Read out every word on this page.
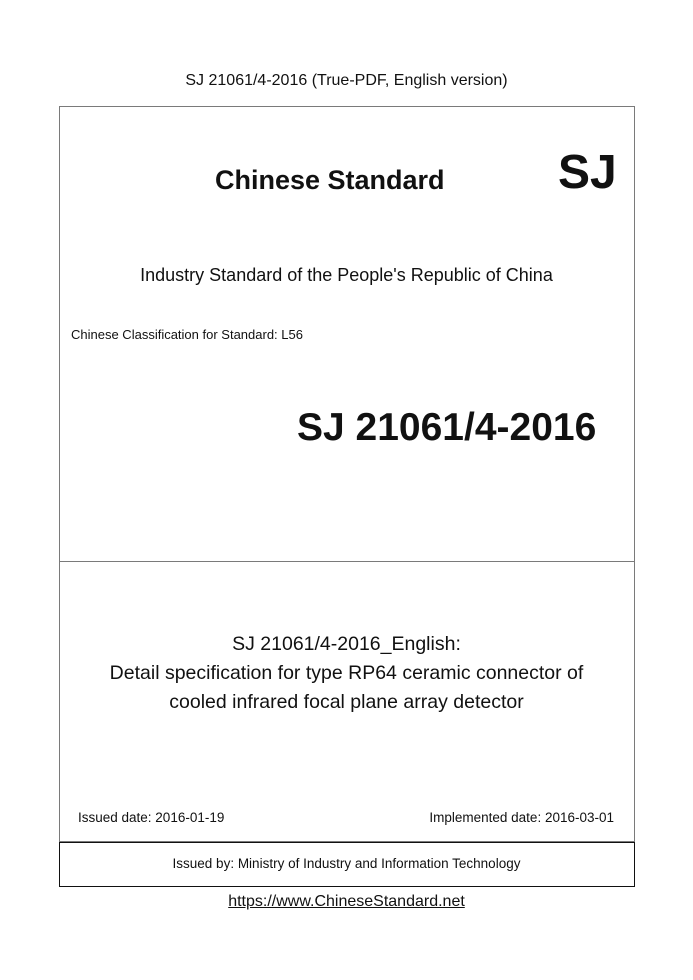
SJ 21061/4-2016 (True-PDF, English version)
Chinese Standard SJ
Industry Standard of the People's Republic of China
Chinese Classification for Standard: L56
SJ 21061/4-2016
SJ 21061/4-2016_English:
Detail specification for type RP64 ceramic connector of
cooled infrared focal plane array detector
Issued date: 2016-01-19	Implemented date: 2016-03-01
Issued by: Ministry of Industry and Information Technology
https://www.ChineseStandard.net
